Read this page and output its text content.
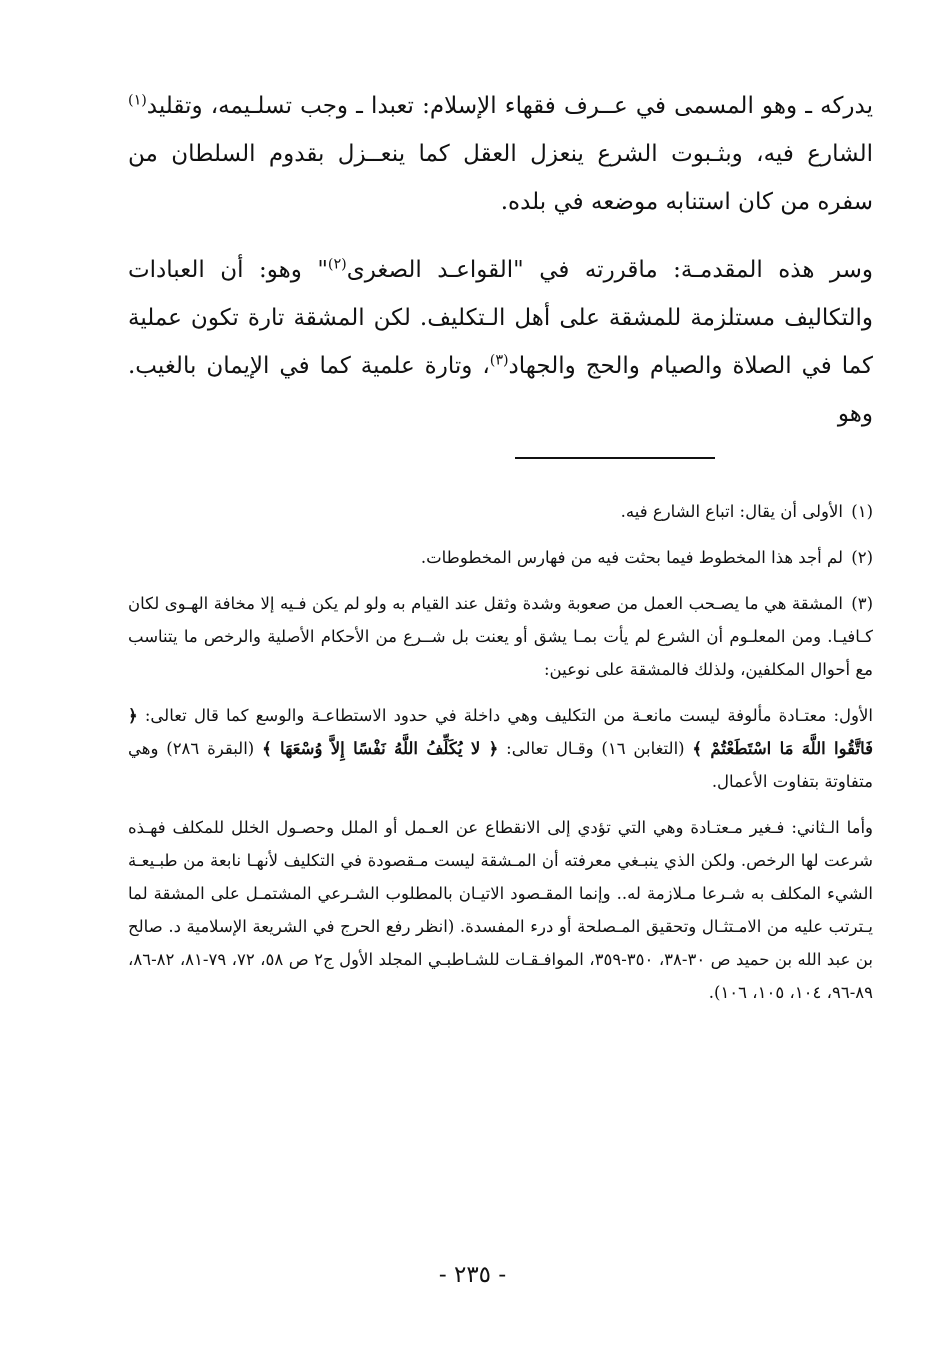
يدركه ـ وهو المسمى في عــرف فقهاء الإسلام: تعبدا ـ وجب تسلـيمه، وتقليد$^{(١)}$ الشارع فيه، وبثـبوت الشرع ينعزل العقل كما ينعــزل بقدوم السلطان من سفره من كان استنابه موضعه في بلده.

وسر هذه المقدمـة: ماقررته في "القواعـد الصغرى$^{(٢)}$" وهو: أن العبادات والتكاليف مستلزمة للمشقة على أهل الـتكليف. لكن المشقة تارة تكون عملية كما في الصلاة والصيام والحج والجهاد$^{(٣)}$، وتارة علمية كما في الإيمان بالغيب. وهو

(١)الأولى أن يقال: اتباع الشارع فيه.

(٢)لم أجد هذا المخطوط فيما بحثت فيه من فهارس المخطوطات.

(٣)المشقة هي ما يصـحب العمل من صعوبة وشدة وثقل عند القيام به ولو لم يكن فـيه إلا مخافة الهـوى لكان كـافيـا. ومن المعلـوم أن الشرع لم يأت بمـا يشق أو يعنت بل شــرع من الأحكام الأصلية والرخص ما يتناسب مع أحوال المكلفين، ولذلك فالمشقة على نوعين:

الأول: معتـادة مألوفة ليست مانعـة من التكليف وهي داخلة في حدود الاستطاعـة والوسع كما قال تعالى: ﴿ فَاتَّقُوا اللَّهَ مَا اسْتَطَعْتُمْ ﴾ (التغابن ١٦) وقـال تعالى: ﴿ لا يُكَلِّفُ اللَّهُ نَفْسًا إِلاَّ وُسْعَهَا ﴾ (البقرة ٢٨٦) وهي متفاوتة بتفاوت الأعمال.

وأما الـثاني: فـغير مـعتـادة وهي التي تؤدي إلى الانقطاع عن العـمل أو الملل وحصـول الخلل للمكلف فهـذه شرعت لها الرخص. ولكن الذي ينبـغي معرفته أن المـشقة ليست مـقصودة في التكليف لأنهـا نابعة من طبـيعـة الشيء المكلف به شـرعا مـلازمة له.. وإنما المقـصود الاتيـان بالمطلوب الشـرعي المشتمـل على المشقة لما يـترتب عليه من الامـتثـال وتحقيق المـصلحة أو درء المفسدة. (انظر رفع الحرج في الشريعة الإسلامية د. صالح بن عبد الله بن حميد ص ٣٠-٣٨، ٣٥٠-٣٥٩، الموافـقـات للشـاطبـي المجلد الأول ج٢ ص ٥٨، ٧٢، ٧٩-٨١، ٨٢-٨٦، ٨٩-٩٦، ١٠٤، ١٠٥، ١٠٦).

- ٢٣٥ -
